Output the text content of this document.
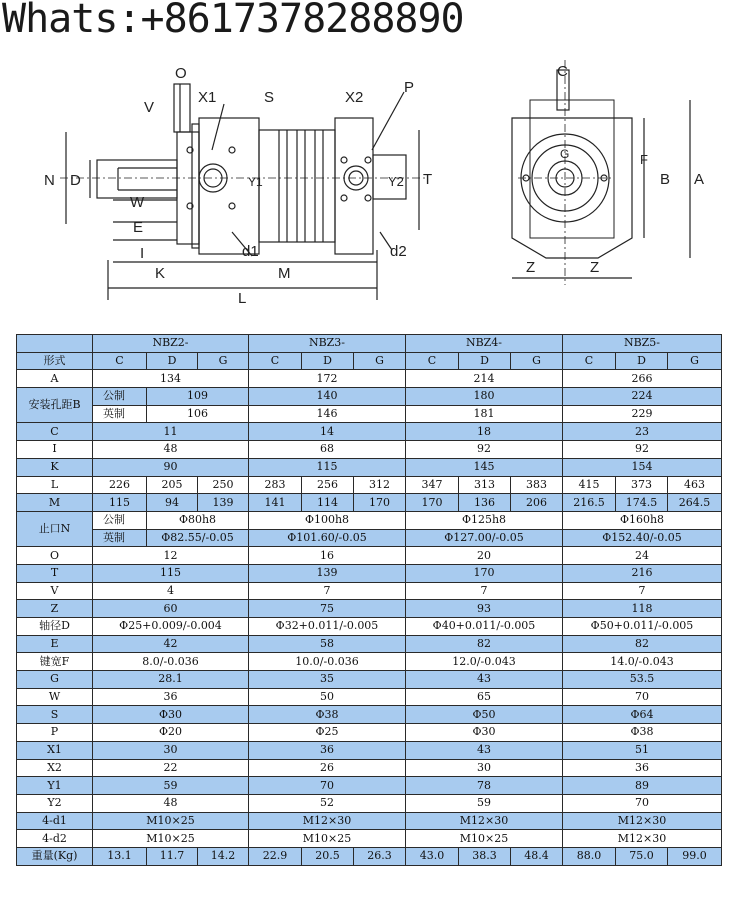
O
V
X1	S	X2
P
N D
W
E
I
K	M
L
Y1	Y2 T
d1	d2
C
G	F
B A
Z	Z
Whats:+8617378288890
	NBZ2-			NBZ3-			NBZ4-			NBZ5-		
形式	C	D	G	C	D	G	C	D	G	C	D	G
A	134			172			214			266		
安装孔距B	公制	109		140			180			224		
	英制	106		146			181			229		
C	11			14			18			23		
I	48			68			92			92		
K	90			115			145			154		
L	226	205	250	283	256	312	347	313	383	415	373	463
M	115	94	139	141	114	170	170	136	206	216.5	174.5	264.5
止口N	公制	Φ80h8		Φ100h8			Φ125h8			Φ160h8		
	英制	Φ82.55/-0.05		Φ101.60/-0.05			Φ127.00/-0.05			Φ152.40/-0.05		
O	12			16			20			24		
T	115			139			170			216		
V	4			7			7			7		
Z	60			75			93			118		
轴径D	Φ25+0.009/-0.004			Φ32+0.011/-0.005			Φ40+0.011/-0.005			Φ50+0.011/-0.005		
E	42			58			82			82		
键宽F	8.0/-0.036			10.0/-0.036			12.0/-0.043			14.0/-0.043		
G	28.1			35			43			53.5		
W	36			50			65			70		
S	Φ30			Φ38			Φ50			Φ64		
P	Φ20			Φ25			Φ30			Φ38		
X1	30			36			43			51		
X2	22			26			30			36		
Y1	59			70			78			89		
Y2	48			52			59			70		
4-d1	M10×25			M12×30			M12×30			M12×30		
4-d2	M10×25			M10×25			M10×25			M12×30		
重量(Kg)	13.1	11.7	14.2	22.9	20.5	26.3	43.0	38.3	48.4	88.0	75.0	99.0
